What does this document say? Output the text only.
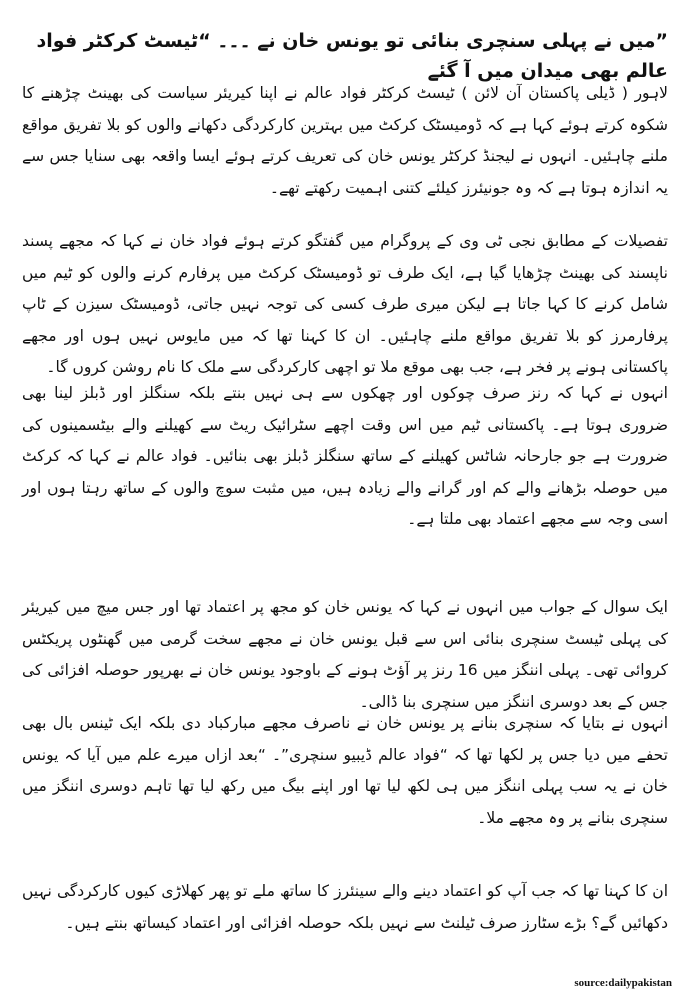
”میں نے پہلی سنچری بنائی تو یونس خان نے ۔۔۔ “ٹیسٹ کرکٹر فواد عالم بھی میدان میں آ گئے

لاہور ( ڈیلی پاکستان آن لائن ) ٹیسٹ کرکٹر فواد عالم نے اپنا کیریئر سیاست کی بھینٹ چڑھنے کا شکوہ کرتے ہوئے کہا ہے کہ ڈومیسٹک کرکٹ میں بہترین کارکردگی دکھانے والوں کو بلا تفریق مواقع ملنے چاہئیں۔ انہوں نے لیجنڈ کرکٹر یونس خان کی تعریف کرتے ہوئے ایسا واقعہ بھی سنایا جس سے یہ اندازہ ہوتا ہے کہ وہ جونیئرز کیلئے کتنی اہمیت رکھتے تھے۔

تفصیلات کے مطابق نجی ٹی وی کے پروگرام میں گفتگو کرتے ہوئے فواد خان نے کہا کہ مجھے پسند ناپسند کی بھینٹ چڑھایا گیا ہے، ایک طرف تو ڈومیسٹک کرکٹ میں پرفارم کرنے والوں کو ٹیم میں شامل کرنے کا کہا جاتا ہے لیکن میری طرف کسی کی توجہ نہیں جاتی، ڈومیسٹک سیزن کے ٹاپ پرفارمرز کو بلا تفریق مواقع ملنے چاہئیں۔ ان کا کہنا تھا کہ میں مایوس نہیں ہوں اور مجھے پاکستانی ہونے پر فخر ہے، جب بھی موقع ملا تو اچھی کارکردگی سے ملک کا نام روشن کروں گا۔

انہوں نے کہا کہ رنز صرف چوکوں اور چھکوں سے ہی نہیں بنتے بلکہ سنگلز اور ڈبلز لینا بھی ضروری ہوتا ہے۔ پاکستانی ٹیم میں اس وقت اچھے سٹرائیک ریٹ سے کھیلنے والے بیٹسمینوں کی ضرورت ہے جو جارحانہ شاٹس کھیلنے کے ساتھ سنگلز ڈبلز بھی بنائیں۔ فواد عالم نے کہا کہ کرکٹ میں حوصلہ بڑھانے والے کم اور گرانے والے زیادہ ہیں، میں مثبت سوچ والوں کے ساتھ رہتا ہوں اور اسی وجہ سے مجھے اعتماد بھی ملتا ہے۔

ایک سوال کے جواب میں انہوں نے کہا کہ یونس خان کو مجھ پر اعتماد تھا اور جس میچ میں کیریئر کی پہلی ٹیسٹ سنچری بنائی اس سے قبل یونس خان نے مجھے سخت گرمی میں گھنٹوں پریکٹس کروائی تھی۔ پہلی اننگز میں 16 رنز پر آؤٹ ہونے کے باوجود یونس خان نے بھرپور حوصلہ افزائی کی جس کے بعد دوسری اننگز میں سنچری بنا ڈالی۔

انہوں نے بتایا کہ سنچری بنانے پر یونس خان نے ناصرف مجھے مبارکباد دی بلکہ ایک ٹینس بال بھی تحفے میں دیا جس پر لکھا تھا کہ “فواد عالم ڈیبیو سنچری”۔ “بعد ازاں میرے علم میں آیا کہ یونس خان نے یہ سب پہلی اننگز میں ہی لکھ لیا تھا اور اپنے بیگ میں رکھ لیا تھا تاہم دوسری اننگز میں سنچری بنانے پر وہ مجھے ملا۔

ان کا کہنا تھا کہ جب آپ کو اعتماد دینے والے سینئرز کا ساتھ ملے تو پھر کھلاڑی کیوں کارکردگی نہیں دکھائیں گے؟ بڑے سٹارز صرف ٹیلنٹ سے نہیں بلکہ حوصلہ افزائی اور اعتماد کیساتھ بنتے ہیں۔

source:dailypakistan
